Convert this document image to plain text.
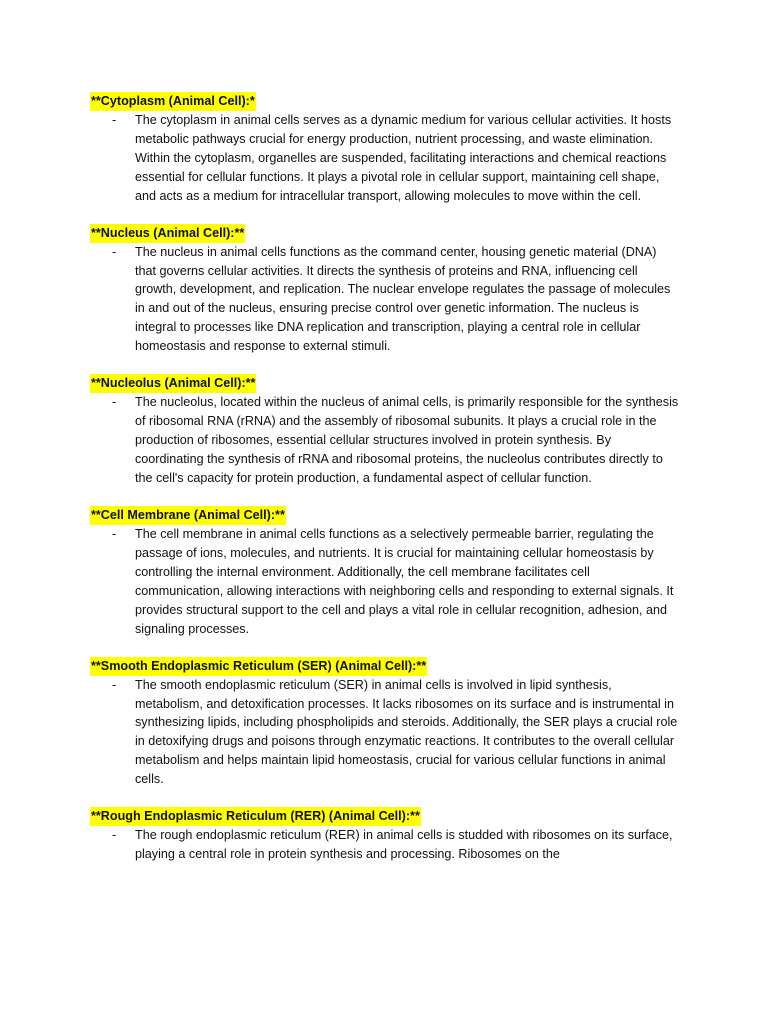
**Cytoplasm (Animal Cell):*
- The cytoplasm in animal cells serves as a dynamic medium for various cellular activities. It hosts metabolic pathways crucial for energy production, nutrient processing, and waste elimination. Within the cytoplasm, organelles are suspended, facilitating interactions and chemical reactions essential for cellular functions. It plays a pivotal role in cellular support, maintaining cell shape, and acts as a medium for intracellular transport, allowing molecules to move within the cell.

**Nucleus (Animal Cell):**
- The nucleus in animal cells functions as the command center, housing genetic material (DNA) that governs cellular activities. It directs the synthesis of proteins and RNA, influencing cell growth, development, and replication. The nuclear envelope regulates the passage of molecules in and out of the nucleus, ensuring precise control over genetic information. The nucleus is integral to processes like DNA replication and transcription, playing a central role in cellular homeostasis and response to external stimuli.

**Nucleolus (Animal Cell):**
- The nucleolus, located within the nucleus of animal cells, is primarily responsible for the synthesis of ribosomal RNA (rRNA) and the assembly of ribosomal subunits. It plays a crucial role in the production of ribosomes, essential cellular structures involved in protein synthesis. By coordinating the synthesis of rRNA and ribosomal proteins, the nucleolus contributes directly to the cell's capacity for protein production, a fundamental aspect of cellular function.

**Cell Membrane (Animal Cell):**
- The cell membrane in animal cells functions as a selectively permeable barrier, regulating the passage of ions, molecules, and nutrients. It is crucial for maintaining cellular homeostasis by controlling the internal environment. Additionally, the cell membrane facilitates cell communication, allowing interactions with neighboring cells and responding to external signals. It provides structural support to the cell and plays a vital role in cellular recognition, adhesion, and signaling processes.

**Smooth Endoplasmic Reticulum (SER) (Animal Cell):**
- The smooth endoplasmic reticulum (SER) in animal cells is involved in lipid synthesis, metabolism, and detoxification processes. It lacks ribosomes on its surface and is instrumental in synthesizing lipids, including phospholipids and steroids. Additionally, the SER plays a crucial role in detoxifying drugs and poisons through enzymatic reactions. It contributes to the overall cellular metabolism and helps maintain lipid homeostasis, crucial for various cellular functions in animal cells.

**Rough Endoplasmic Reticulum (RER) (Animal Cell):**
- The rough endoplasmic reticulum (RER) in animal cells is studded with ribosomes on its surface, playing a central role in protein synthesis and processing. Ribosomes on the
